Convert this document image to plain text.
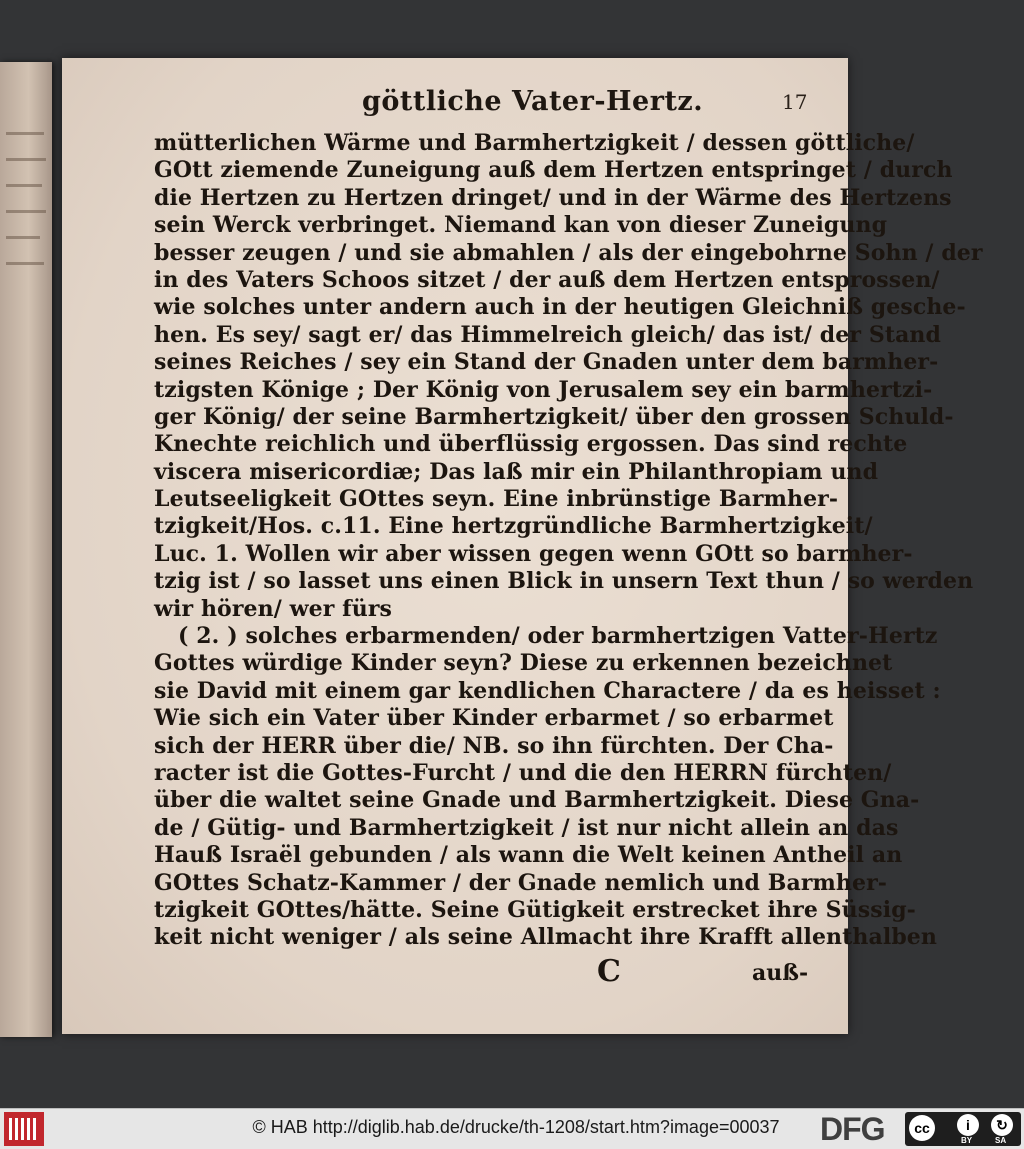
göttliche Vater-Hertz.	17
mütterlichen Wärme und Barmhertzigkeit / dessen göttliche/
GOtt ziemende Zuneigung auß dem Hertzen entspringet / durch
die Hertzen zu Hertzen dringet/ und in der Wärme des Hertzens
sein Werck verbringet. Niemand kan von dieser Zuneigung
besser zeugen / und sie abmahlen / als der eingebohrne Sohn / der
in des Vaters Schoos sitzet / der auß dem Hertzen entsprossen/
wie solches unter andern auch in der heutigen Gleichniß gesche-
hen. Es sey/ sagt er/ das Himmelreich gleich/ das ist/ der Stand
seines Reiches / sey ein Stand der Gnaden unter dem barmher-
tzigsten Könige ; Der König von Jerusalem sey ein barmhertzi-
ger König/ der seine Barmhertzigkeit/ über den grossen Schuld-
Knechte reichlich und überflüssig ergossen. Das sind rechte
viscera misericordiæ; Das laß mir ein Philanthropiam und
Leutseeligkeit GOttes seyn. Eine inbrünstige Barmher-
tzigkeit/Hos. c.11. Eine hertzgründliche Barmhertzigkeit/
Luc. 1. Wollen wir aber wissen gegen wenn GOtt so barmher-
tzig ist / so lasset uns einen Blick in unsern Text thun / so werden
wir hören/ wer fürs
( 2. ) solches erbarmenden/ oder barmhertzigen Vatter-Hertz
Gottes würdige Kinder seyn? Diese zu erkennen bezeichnet
sie David mit einem gar kendlichen Charactere / da es heisset :
Wie sich ein Vater über Kinder erbarmet / so erbarmet
sich der HERR über die/ NB. so ihn fürchten. Der Cha-
racter ist die Gottes-Furcht / und die den HERRN fürchten/
über die waltet seine Gnade und Barmhertzigkeit. Diese Gna-
de / Gütig- und Barmhertzigkeit / ist nur nicht allein an das
Hauß Israël gebunden / als wann die Welt keinen Antheil an
GOttes Schatz-Kammer / der Gnade nemlich und Barmher-
tzigkeit GOttes/hätte. Seine Gütigkeit erstrecket ihre Süssig-
keit nicht weniger / als seine Allmacht ihre Krafft allenthalben
C	auß-
© HAB http://diglib.hab.de/drucke/th-1208/start.htm?image=00037	DFG	cc	i	↻
BY	SA
